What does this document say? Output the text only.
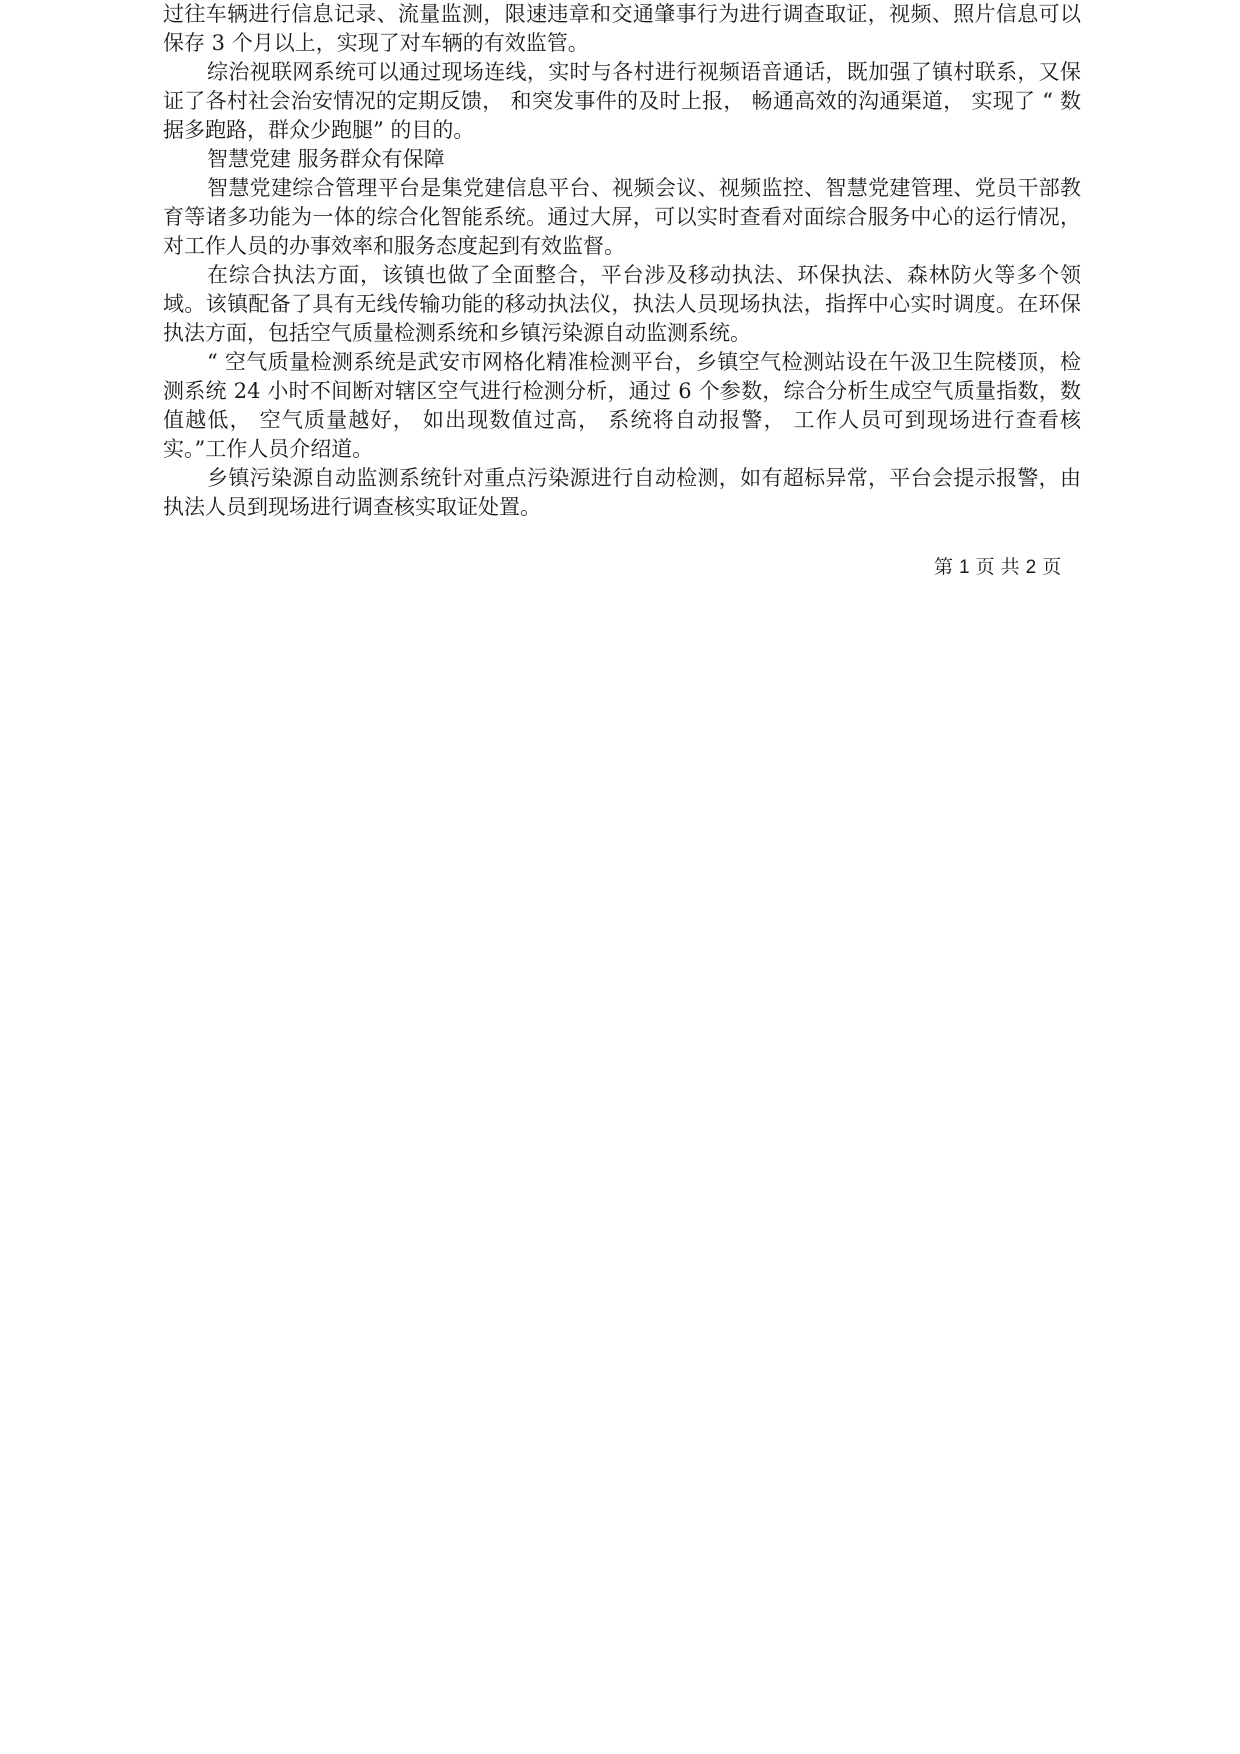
过往车辆进行信息记录、流量监测，限速违章和交通肇事行为进行调查取证，视频、照片信息可以保存 3 个月以上，实现了对车辆的有效监管。

综治视联网系统可以通过现场连线，实时与各村进行视频语音通话，既加强了镇村联系，又保证了各村社会治安情况的定期反馈， 和突发事件的及时上报， 畅通高效的沟通渠道， 实现了 “ 数据多跑路，群众少跑腿” 的目的。

智慧党建 服务群众有保障

智慧党建综合管理平台是集党建信息平台、视频会议、视频监控、智慧党建管理、党员干部教育等诸多功能为一体的综合化智能系统。通过大屏，可以实时查看对面综合服务中心的运行情况，对工作人员的办事效率和服务态度起到有效监督。

在综合执法方面，该镇也做了全面整合，平台涉及移动执法、环保执法、森林防火等多个领域。该镇配备了具有无线传输功能的移动执法仪，执法人员现场执法，指挥中心实时调度。在环保执法方面，包括空气质量检测系统和乡镇污染源自动监测系统。

“ 空气质量检测系统是武安市网格化精准检测平台，乡镇空气检测站设在午汲卫生院楼顶，检测系统 24 小时不间断对辖区空气进行检测分析，通过 6 个参数，综合分析生成空气质量指数，数值越低， 空气质量越好， 如出现数值过高， 系统将自动报警， 工作人员可到现场进行查看核实。”工作人员介绍道。

乡镇污染源自动监测系统针对重点污染源进行自动检测，如有超标异常，平台会提示报警，由执法人员到现场进行调查核实取证处置。

第 1 页 共 2 页
